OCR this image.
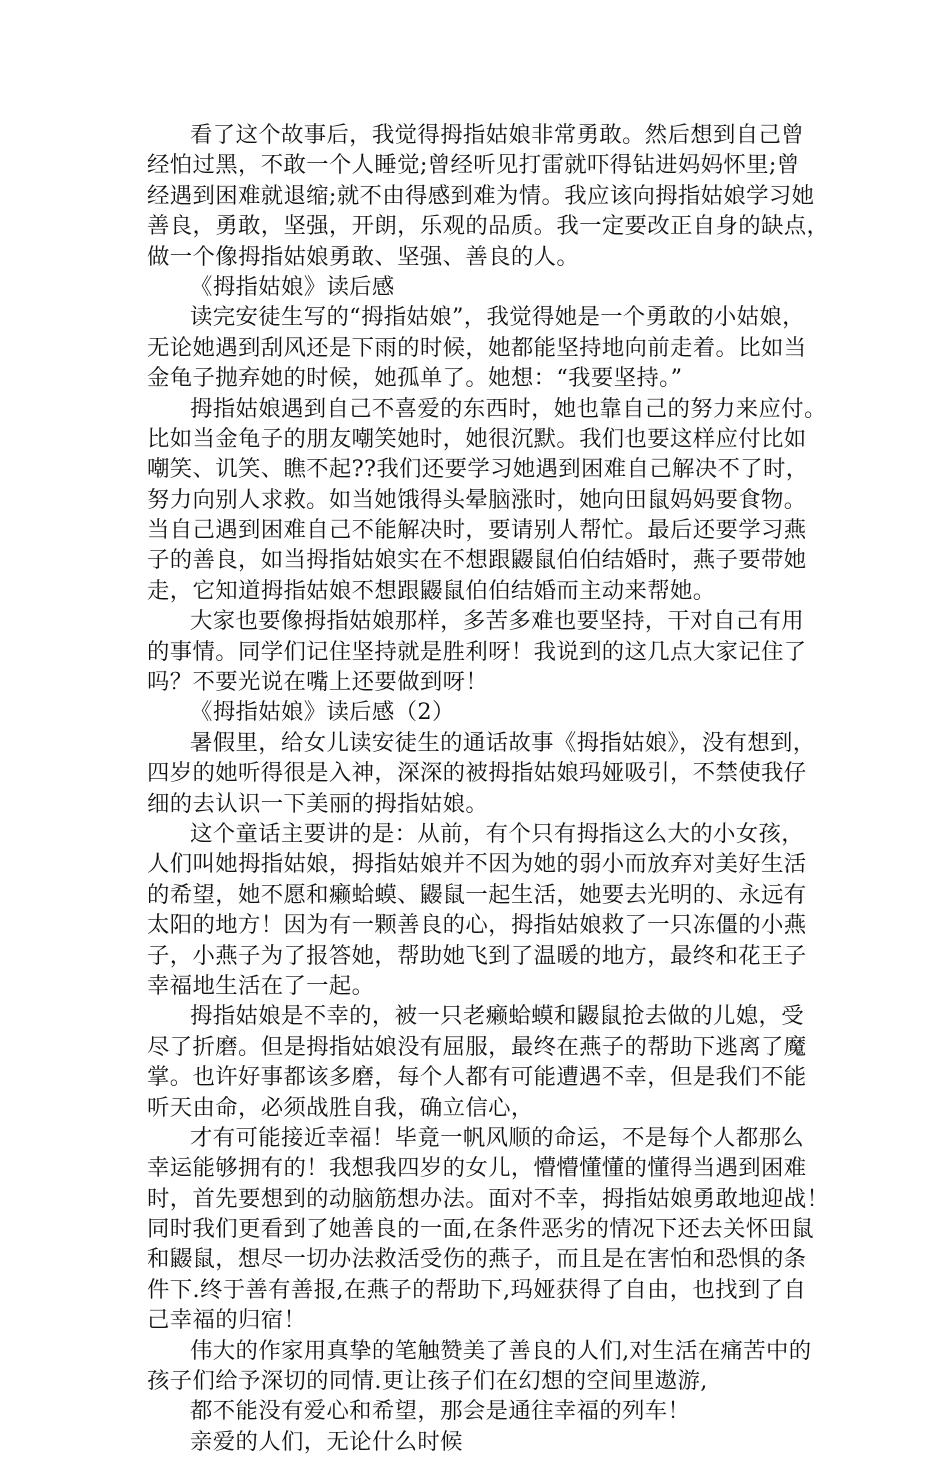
看了这个故事后，我觉得拇指姑娘非常勇敢。然后想到自己曾
经怕过黑，不敢一个人睡觉;曾经听见打雷就吓得钻进妈妈怀里;曾
经遇到困难就退缩;就不由得感到难为情。我应该向拇指姑娘学习她
善良，勇敢，坚强，开朗，乐观的品质。我一定要改正自身的缺点，
做一个像拇指姑娘勇敢、坚强、善良的人。
《拇指姑娘》读后感
读完安徒生写的“拇指姑娘”，我觉得她是一个勇敢的小姑娘，
无论她遇到刮风还是下雨的时候，她都能坚持地向前走着。比如当
金龟子抛弃她的时候，她孤单了。她想：“我要坚持。”
拇指姑娘遇到自己不喜爱的东西时，她也靠自己的努力来应付。
比如当金龟子的朋友嘲笑她时，她很沉默。我们也要这样应付比如
嘲笑、讥笑、瞧不起??我们还要学习她遇到困难自己解决不了时，
努力向别人求救。如当她饿得头晕脑涨时，她向田鼠妈妈要食物。
当自己遇到困难自己不能解决时，要请别人帮忙。最后还要学习燕
子的善良，如当拇指姑娘实在不想跟鼹鼠伯伯结婚时，燕子要带她
走，它知道拇指姑娘不想跟鼹鼠伯伯结婚而主动来帮她。
大家也要像拇指姑娘那样，多苦多难也要坚持，干对自己有用
的事情。同学们记住坚持就是胜利呀！我说到的这几点大家记住了
吗？不要光说在嘴上还要做到呀！
《拇指姑娘》读后感（2）
暑假里，给女儿读安徒生的通话故事《拇指姑娘》，没有想到，
四岁的她听得很是入神，深深的被拇指姑娘玛娅吸引，不禁使我仔
细的去认识一下美丽的拇指姑娘。
这个童话主要讲的是：从前，有个只有拇指这么大的小女孩，
人们叫她拇指姑娘，拇指姑娘并不因为她的弱小而放弃对美好生活
的希望，她不愿和癞蛤蟆、鼹鼠一起生活，她要去光明的、永远有
太阳的地方！因为有一颗善良的心，拇指姑娘救了一只冻僵的小燕
子，小燕子为了报答她，帮助她飞到了温暖的地方，最终和花王子
幸福地生活在了一起。
拇指姑娘是不幸的，被一只老癞蛤蟆和鼹鼠抢去做的儿媳，受
尽了折磨。但是拇指姑娘没有屈服，最终在燕子的帮助下逃离了魔
掌。也许好事都该多磨，每个人都有可能遭遇不幸，但是我们不能
听天由命，必须战胜自我，确立信心，
才有可能接近幸福！毕竟一帆风顺的命运，不是每个人都那么
幸运能够拥有的！我想我四岁的女儿，懵懵懂懂的懂得当遇到困难
时，首先要想到的动脑筋想办法。面对不幸，拇指姑娘勇敢地迎战！
同时我们更看到了她善良的一面,在条件恶劣的情况下还去关怀田鼠
和鼹鼠，想尽一切办法救活受伤的燕子，而且是在害怕和恐惧的条
件下.终于善有善报,在燕子的帮助下,玛娅获得了自由，也找到了自
己幸福的归宿！
伟大的作家用真挚的笔触赞美了善良的人们,对生活在痛苦中的
孩子们给予深切的同情.更让孩子们在幻想的空间里遨游,
都不能没有爱心和希望，那会是通往幸福的列车！
亲爱的人们，无论什么时候
